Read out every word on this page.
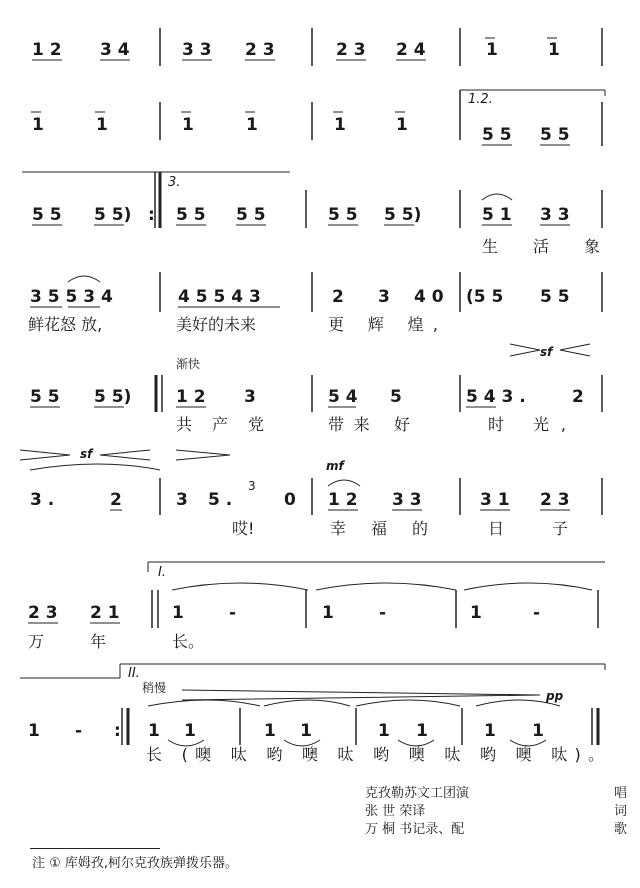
1 2 3 4	3 3 2 3	2 3 2 4	1	1
1	1	1	1	1	1
1.2.
5 5 5 5
3.
5 5 5 5) : 5 5 5 5	5 5 5 5)	5 1 3 3
生 活 象
3 5 5 3 4	4 5 5 4 3	2 3 4 0 (5 5 5 5
鲜花怒 放,	美好的未来	更 辉 煌,
渐快
sf
5 5 5 5)	1 2 3	5 4 5	5 4 3 .	2
共 产 党	带来 好	时 光,
sf
mf
3 .	2	3 5 .
3
0 1 2 3 3	3 1 2 3
哎!	幸 福 的	日 子
I.
2 3 2 1	1 -	1 -	1 -
万	年	长。
II.
稍慢
pp
1 - : 1 1	1 1	1 1	1 1
长 (噢 呔 哟 噢 呔 哟 噢 呔 哟 噢 呔)。
克孜勒苏文工团演	唱
张 世 荣译	词
万 桐 书记录、配	歌
注 ① 库姆孜,柯尔克孜族弹拨乐器。
